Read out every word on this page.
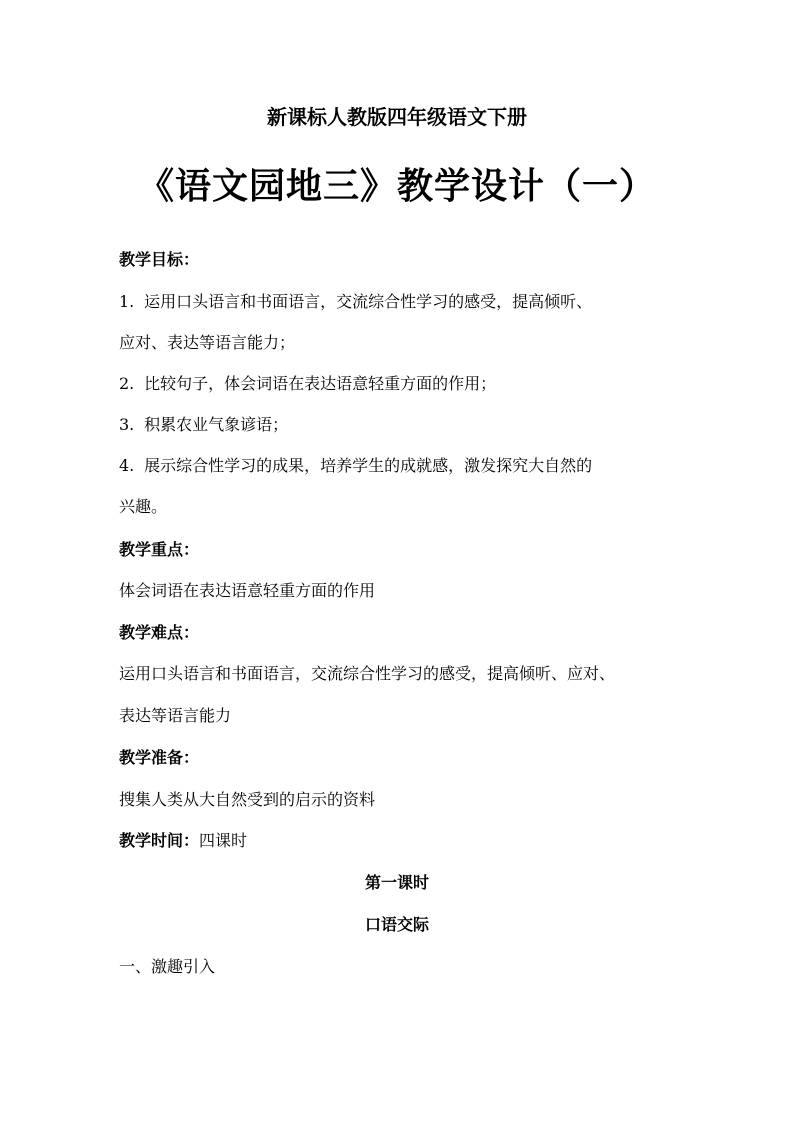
新课标人教版四年级语文下册
《语文园地三》教学设计（一）
教学目标：
1. 运用口头语言和书面语言，交流综合性学习的感受，提高倾听、
应对、表达等语言能力；
2. 比较句子，体会词语在表达语意轻重方面的作用；
3. 积累农业气象谚语；
4. 展示综合性学习的成果，培养学生的成就感，激发探究大自然的
兴趣。
教学重点：
体会词语在表达语意轻重方面的作用
教学难点：
运用口头语言和书面语言，交流综合性学习的感受，提高倾听、应对、
表达等语言能力
教学准备：
搜集人类从大自然受到的启示的资料
教学时间：四课时
第一课时
口语交际
一、激趣引入
